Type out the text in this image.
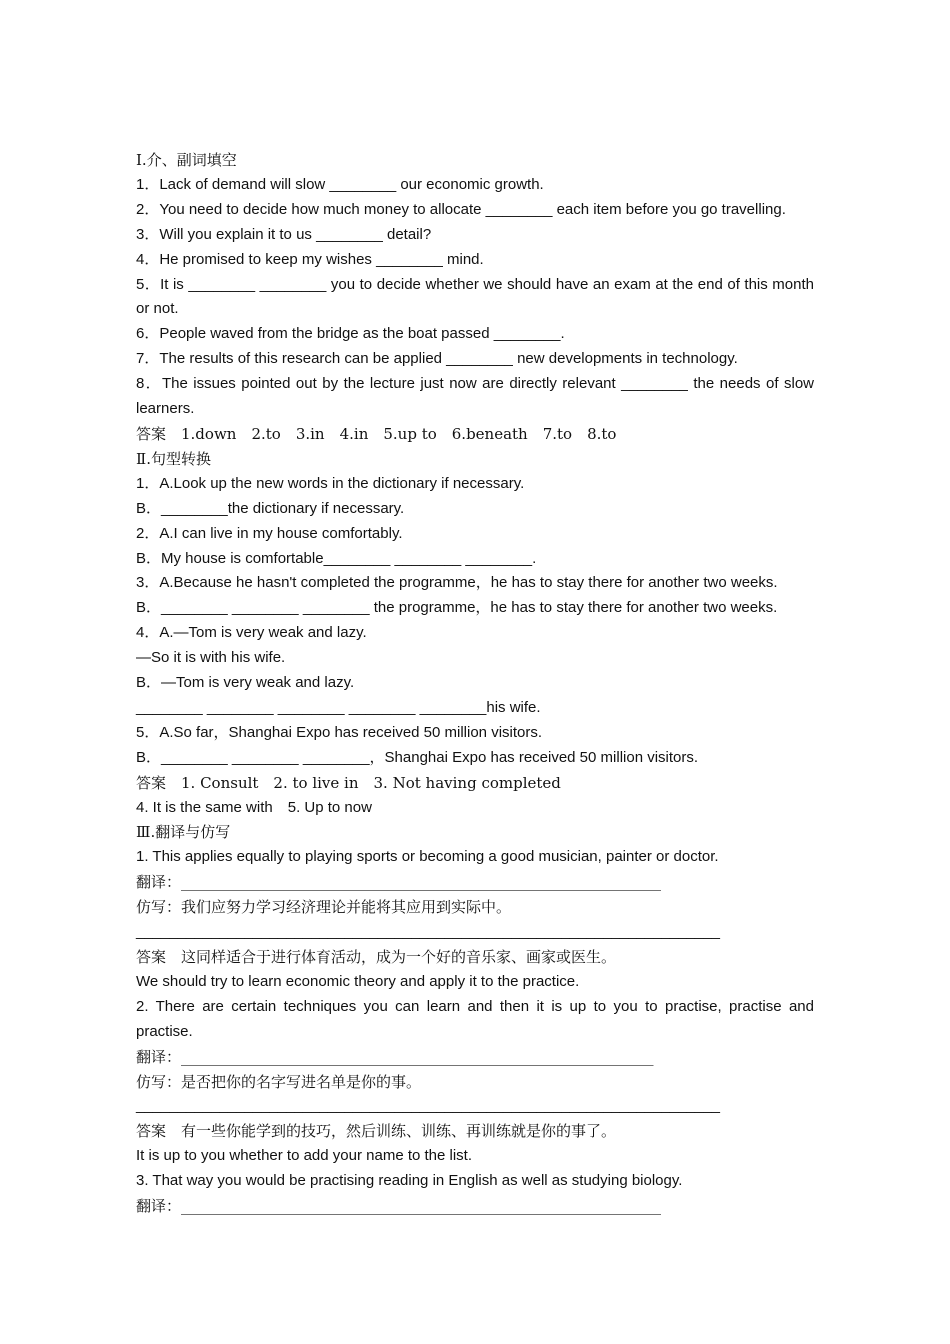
Ⅰ.介、副词填空
1．Lack of demand will slow ________ our economic growth.
2．You need to decide how much money to allocate ________ each item before you go travelling.
3．Will you explain it to us ________ detail?
4．He promised to keep my wishes ________ mind.
5．It is ________ ________ you to decide whether we should have an exam at the end of this month or not.
6．People waved from the bridge as the boat passed ________.
7．The results of this research can be applied ________ new developments in technology.
8．The issues pointed out by the lecture just now are directly relevant ________ the needs of slow learners.
答案　1.down　2.to　3.in　4.in　5.up to　6.beneath　7.to　8.to
Ⅱ.句型转换
1．A.Look up the new words in the dictionary if necessary.
B．________the dictionary if necessary.
2．A.I can live in my house comfortably.
B．My house is comfortable________ ________ ________.
3．A.Because he hasn't completed the programme，he has to stay there for another two weeks.
B．________ ________ ________ the programme，he has to stay there for another two weeks.
4．A.—Tom is very weak and lazy.
—So it is with his wife.
B．—Tom is very weak and lazy.
________ ________ ________ ________ ________his wife.
5．A.So far，Shanghai Expo has received 50 million visitors.
B．________ ________ ________，Shanghai Expo has received 50 million visitors.
答案　1. Consult　2. to live in　3. Not having completed
4. It is the same with　5. Up to now
Ⅲ.翻译与仿写
1. This applies equally to playing sports or becoming a good musician, painter or doctor.
翻译：________________________________________________________________
仿写：我们应努力学习经济理论并能将其应用到实际中。
______________________________________________________________________
答案　这同样适合于进行体育活动，成为一个好的音乐家、画家或医生。
We should try to learn economic theory and apply it to the practice.
2. There are certain techniques you can learn and then it is up to you to practise, practise and practise.
翻译：_______________________________________________________________
仿写：是否把你的名字写进名单是你的事。
______________________________________________________________________
答案　有一些你能学到的技巧，然后训练、训练、再训练就是你的事了。
It is up to you whether to add your name to the list.
3. That way you would be practising reading in English as well as studying biology.
翻译：________________________________________________________________
